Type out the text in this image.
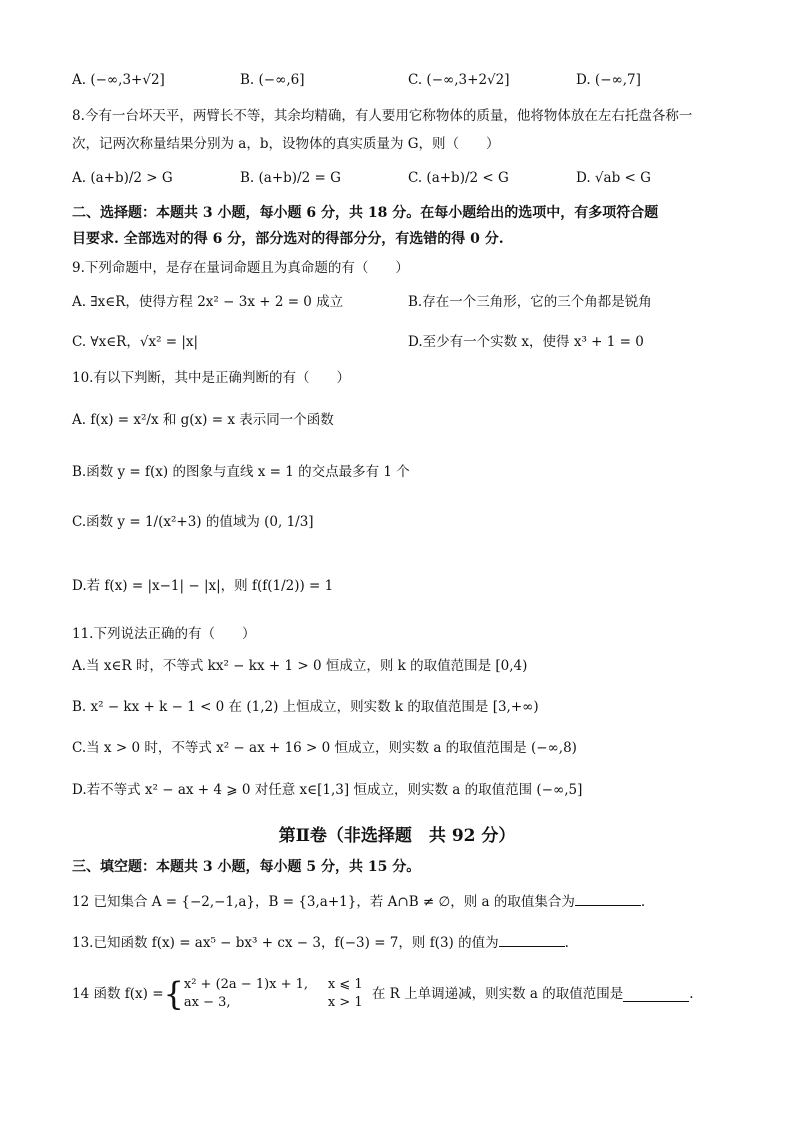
A. (−∞,3+√2]	B. (−∞,6]	C. (−∞,3+2√2]	D. (−∞,7]
8.今有一台坏天平，两臂长不等，其余均精确，有人要用它称物体的质量，他将物体放在左右托盘各称一
次，记两次称量结果分别为 a，b，设物体的真实质量为 G，则（　　）
A. (a+b)/2 > G	B. (a+b)/2 = G	C. (a+b)/2 < G	D. √ab < G
二、选择题：本题共 3 小题，每小题 6 分，共 18 分。在每小题给出的选项中，有多项符合题
目要求. 全部选对的得 6 分，部分选对的得部分分，有选错的得 0 分.
9.下列命题中，是存在量词命题且为真命题的有（　　）
A. ∃x∈R，使得方程 2x² − 3x + 2 = 0 成立	B.存在一个三角形，它的三个角都是锐角
C. ∀x∈R，√x² = |x|	D.至少有一个实数 x，使得 x³ + 1 = 0
10.有以下判断，其中是正确判断的有（　　）
A. f(x) = x²/x 和 g(x) = x 表示同一个函数
B.函数 y = f(x) 的图象与直线 x = 1 的交点最多有 1 个
C.函数 y = 1/(x²+3) 的值域为 (0, 1/3]
D.若 f(x) = |x−1| − |x|，则 f(f(1/2)) = 1
11.下列说法正确的有（　　）
A.当 x∈R 时，不等式 kx² − kx + 1 > 0 恒成立，则 k 的取值范围是 [0,4)
B. x² − kx + k − 1 < 0 在 (1,2) 上恒成立，则实数 k 的取值范围是 [3,+∞)
C.当 x > 0 时，不等式 x² − ax + 16 > 0 恒成立，则实数 a 的取值范围是 (−∞,8)
D.若不等式 x² − ax + 4 ⩾ 0 对任意 x∈[1,3] 恒成立，则实数 a 的取值范围 (−∞,5]
第Ⅱ卷（非选择题　共 92 分）
三、填空题：本题共 3 小题，每小题 5 分，共 15 分。
12 已知集合 A = {−2,−1,a}，B = {3,a+1}，若 A∩B ≠ ∅，则 a 的取值集合为	.
13.已知函数 f(x) = ax⁵ − bx³ + cx − 3，f(−3) = 7，则 f(3) 的值为	.
14 函数 f(x) = { x² + (2a − 1)x + 1, x ⩽ 1
ax − 3,	x > 1
在 R 上单调递减，则实数 a 的取值范围是	.
